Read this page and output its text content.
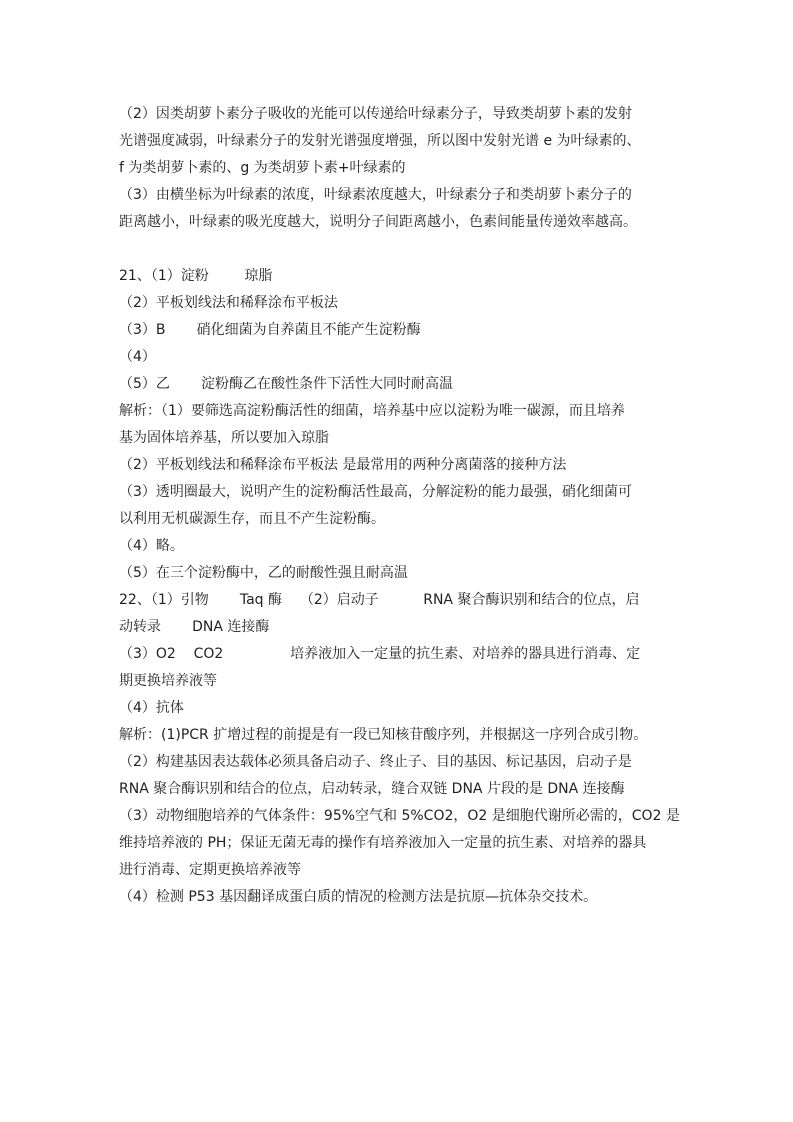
（2）因类胡萝卜素分子吸收的光能可以传递给叶绿素分子，导致类胡萝卜素的发射
光谱强度减弱，叶绿素分子的发射光谱强度增强，所以图中发射光谱 e 为叶绿素的、
f 为类胡萝卜素的、g 为类胡萝卜素+叶绿素的
（3）由横坐标为叶绿素的浓度，叶绿素浓度越大，叶绿素分子和类胡萝卜素分子的
距离越小，叶绿素的吸光度越大，说明分子间距离越小，色素间能量传递效率越高。
21、（1）淀粉        琼脂
（2）平板划线法和稀释涂布平板法
（3）B       硝化细菌为自养菌且不能产生淀粉酶
（4）
（5）乙       淀粉酶乙在酸性条件下活性大同时耐高温
解析：（1）要筛选高淀粉酶活性的细菌，培养基中应以淀粉为唯一碳源，而且培养
基为固体培养基，所以要加入琼脂
（2）平板划线法和稀释涂布平板法 是最常用的两种分离菌落的接种方法
（3）透明圈最大，说明产生的淀粉酶活性最高，分解淀粉的能力最强，硝化细菌可
以利用无机碳源生存，而且不产生淀粉酶。
（4）略。
（5）在三个淀粉酶中，乙的耐酸性强且耐高温
22、（1）引物       Taq 酶    （2）启动子          RNA 聚合酶识别和结合的位点，启
动转录       DNA 连接酶
（3）O2    CO2               培养液加入一定量的抗生素、对培养的器具进行消毒、定
期更换培养液等
（4）抗体
解析：(1)PCR 扩增过程的前提是有一段已知核苷酸序列，并根据这一序列合成引物。
（2）构建基因表达载体必须具备启动子、终止子、目的基因、标记基因，启动子是
RNA 聚合酶识别和结合的位点，启动转录，缝合双链 DNA 片段的是 DNA 连接酶
（3）动物细胞培养的气体条件：95%空气和 5%CO2，O2 是细胞代谢所必需的，CO2 是
维持培养液的 PH；保证无菌无毒的操作有培养液加入一定量的抗生素、对培养的器具
进行消毒、定期更换培养液等
（4）检测 P53 基因翻译成蛋白质的情况的检测方法是抗原—抗体杂交技术。
